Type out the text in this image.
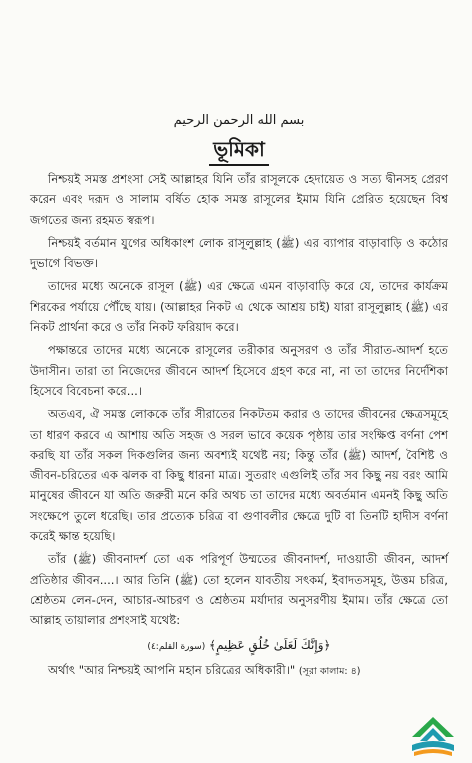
بسم الله الرحمن الرحيم
ভূমিকা

নিশ্চয়ই সমস্ত প্রশংসা সেই আল্লাহর যিনি তাঁর রাসূলকে হেদায়েত ও সত্য দ্বীনসহ প্রেরণ করেন এবং দরূদ ও সালাম বর্ষিত হোক সমস্ত রাসূলের ইমাম যিনি প্রেরিত হয়েছেন বিশ্ব জগতের জন্য রহমত স্বরূপ।

নিশ্চয়ই বর্তমান যুগের অধিকাংশ লোক রাসূলুল্লাহ (ﷺ) এর ব্যাপার বাড়াবাড়ি ও কঠোর দুভাগে বিভক্ত।

তাদের মধ্যে অনেকে রাসূল (ﷺ) এর ক্ষেত্রে এমন বাড়াবাড়ি করে যে, তাদের কার্যক্রম শিরকের পর্যায়ে পৌঁছে যায়। (আল্লাহর নিকট এ থেকে আশ্রয় চাই) যারা রাসূলুল্লাহ (ﷺ) এর নিকট প্রার্থনা করে ও তাঁর নিকট ফরিয়াদ করে।

পক্ষান্তরে তাদের মধ্যে অনেকে রাসূলের তরীকার অনুসরণ ও তাঁর সীরাত-আদর্শ হতে উদাসীন। তারা তা নিজেদের জীবনে আদর্শ হিসেবে গ্রহণ করে না, না তা তাদের নির্দেশিকা হিসেবে বিবেচনা করে...।

অতএব, ঐ সমস্ত লোককে তাঁর সীরাতের নিকটতম করার ও তাদের জীবনের ক্ষেত্রসমূহে তা ধারণ করবে এ আশায় অতি সহজ ও সরল ভাবে কয়েক পৃষ্ঠায় তার সংক্ষিপ্ত বর্ণনা পেশ করছি যা তাঁর সকল দিকগুলির জন্য অবশ্যই যথেষ্ট নয়; কিন্তু তাঁর (ﷺ) আদর্শ, বৈশিষ্ট ও জীবন-চরিতের এক ঝলক বা কিছু ধারনা মাত্র। সুতরাং এগুলিই তাঁর সব কিছু নয় বরং আমি মানুষের জীবনে যা অতি জরুরী মনে করি অথচ তা তাদের মধ্যে অবর্তমান এমনই কিছু অতি সংক্ষেপে তুলে ধরেছি। তার প্রত্যেক চরিত্র বা গুণাবলীর ক্ষেত্রে দুটি বা তিনটি হাদীস বর্ণনা করেই ক্ষান্ত হয়েছি।

তাঁর (ﷺ) জীবনাদর্শ তো এক পরিপূর্ণ উম্মতের জীবনাদর্শ, দাওয়াতী জীবন, আদর্শ প্রতিষ্ঠার জীবন....। আর তিনি (ﷺ) তো হলেন যাবতীয় সৎকর্ম, ইবাদতসমূহ, উত্তম চরিত্র, শ্রেষ্ঠতম লেন-দেন, আচার-আচরণ ও শ্রেষ্ঠতম মর্যাদার অনুসরণীয় ইমাম। তাঁর ক্ষেত্রে তো আল্লাহ তায়ালার প্রশংসাই যথেষ্ট:

﴿وَإِنَّكَ لَعَلَىٰ خُلُقٍ عَظِيمٍ﴾ (سورة القلم:٤)
অর্থাৎ "আর নিশ্চয়ই আপনি মহান চরিত্রের অধিকারী।" (সূরা কালাম: ৪)
